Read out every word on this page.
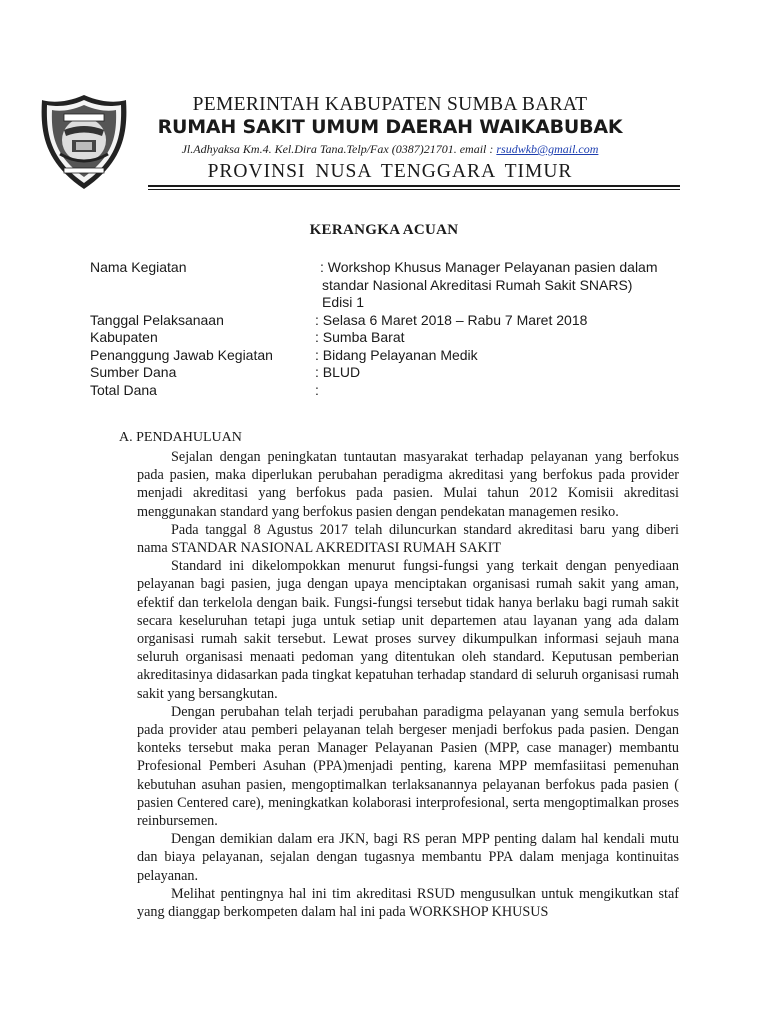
PEMERINTAH KABUPATEN SUMBA BARAT
RUMAH SAKIT UMUM DAERAH WAIKABUBAK
Jl.Adhyaksa Km.4. Kel.Dira Tana.Telp/Fax (0387)21701. email : rsudwkb@gmail.com
PROVINSI NUSA TENGGARA TIMUR
KERANGKA ACUAN
Nama Kegiatan	: Workshop Khusus Manager Pelayanan pasien dalam
standar Nasional Akreditasi Rumah Sakit SNARS)
Edisi 1
Tanggal Pelaksanaan	: Selasa 6 Maret 2018 – Rabu 7 Maret 2018
Kabupaten	: Sumba Barat
Penanggung Jawab Kegiatan	: Bidang Pelayanan Medik
Sumber Dana	: BLUD
Total Dana	:
A. PENDAHULUAN

Sejalan dengan peningkatan tuntautan masyarakat terhadap pelayanan yang berfokus pada pasien, maka diperlukan perubahan peradigma akreditasi yang berfokus pada provider menjadi akreditasi yang berfokus pada pasien. Mulai tahun 2012 Komisii akreditasi menggunakan standard yang berfokus pasien dengan pendekatan managemen resiko.

Pada tanggal 8 Agustus 2017 telah diluncurkan standard akreditasi baru yang diberi nama STANDAR NASIONAL AKREDITASI RUMAH SAKIT

Standard ini dikelompokkan menurut fungsi-fungsi yang terkait dengan penyediaan pelayanan bagi pasien, juga dengan upaya menciptakan organisasi rumah sakit yang aman, efektif dan terkelola dengan baik. Fungsi-fungsi tersebut tidak hanya berlaku bagi rumah sakit secara keseluruhan tetapi juga untuk setiap unit departemen atau layanan yang ada dalam organisasi rumah sakit tersebut. Lewat proses survey dikumpulkan informasi sejauh mana seluruh organisasi menaati pedoman yang ditentukan oleh standard. Keputusan pemberian akreditasinya didasarkan pada tingkat kepatuhan terhadap standard di seluruh organisasi rumah sakit yang bersangkutan.

Dengan perubahan telah terjadi perubahan paradigma pelayanan yang semula berfokus pada provider atau pemberi pelayanan telah bergeser menjadi berfokus pada pasien. Dengan konteks tersebut maka peran Manager Pelayanan Pasien (MPP, case manager) membantu Profesional Pemberi Asuhan (PPA)menjadi penting, karena MPP memfasiitasi pemenuhan kebutuhan asuhan pasien, mengoptimalkan terlaksanannya pelayanan berfokus pada pasien ( pasien Centered care), meningkatkan kolaborasi interprofesional, serta mengoptimalkan proses reinbursemen.

Dengan demikian dalam era JKN, bagi RS peran MPP penting dalam hal kendali mutu dan biaya pelayanan, sejalan dengan tugasnya membantu PPA dalam menjaga kontinuitas pelayanan.

Melihat pentingnya hal ini tim akreditasi RSUD mengusulkan untuk mengikutkan staf yang dianggap berkompeten dalam hal ini pada WORKSHOP KHUSUS
